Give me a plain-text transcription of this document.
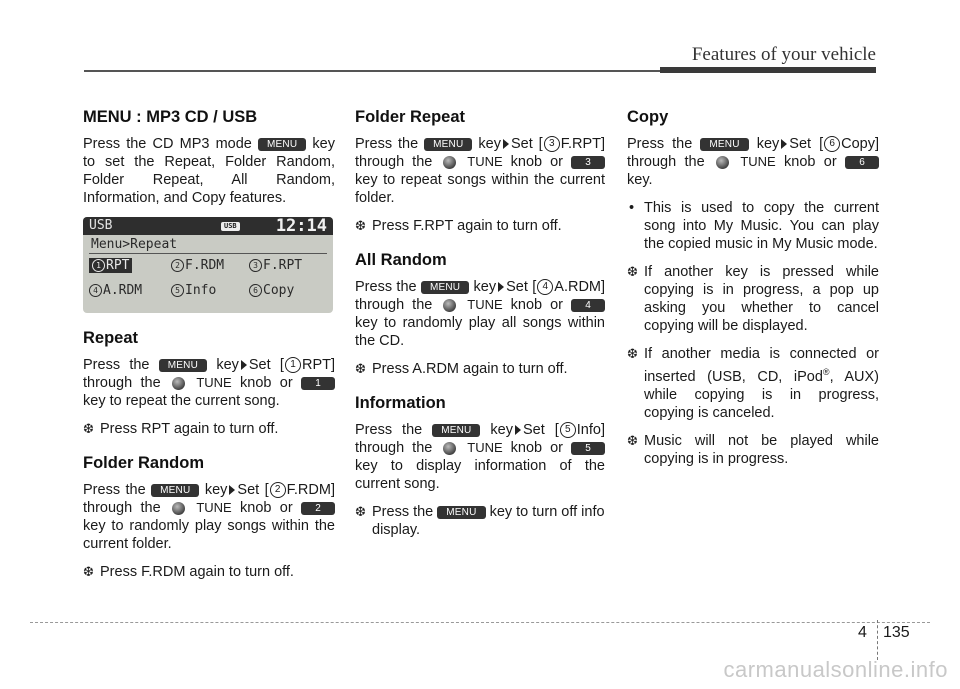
Features of your vehicle
MENU : MP3 CD / USB

Press the CD MP3 mode MENU key to set the Repeat, Folder Random, Folder Repeat, All Random, Information, and Copy features.

USB	USB 12:14
Menu>Repeat
1 RPT	2 F.RDM	3 F.RPT
4 A.RDM	5 Info	6 Copy
Repeat

Press the MENU key Set [ 1 RPT] through the	TUNE knob or 1 key to repeat the current song.

❆ Press RPT again to turn off.

Folder Random

Press the MENU key Set [ 2 F.RDM] through the	TUNE knob or 2 key to randomly play songs within the current folder.

❆ Press F.RDM again to turn off.

Folder Repeat

Press the MENU key Set [ 3 F.RPT] through the	TUNE knob or 3 key to repeat songs within the current folder.

❆ Press F.RPT again to turn off.

All Random

Press the MENU key Set [ 4 A.RDM] through the	TUNE knob or 4 key to randomly play all songs within the CD.

❆ Press A.RDM again to turn off.

Information

Press the MENU key Set [ 5 Info] through the	TUNE knob or 5 key to display information of the current song.

❆ Press the MENU key to turn off info display.

Copy

Press the MENU key Set [ 6 Copy] through the	TUNE knob or 6 key.

• This is used to copy the current song into My Music. You can play the copied music in My Music mode.

❆ If another key is pressed while copying is in progress, a pop up asking you whether to cancel copying will be displayed.

❆ If another media is connected or inserted (USB, CD, iPod®, AUX) while copying is in progress, copying is canceled.

❆ Music will not be played while copying is in progress.

4 135
carmanualsonline.info
